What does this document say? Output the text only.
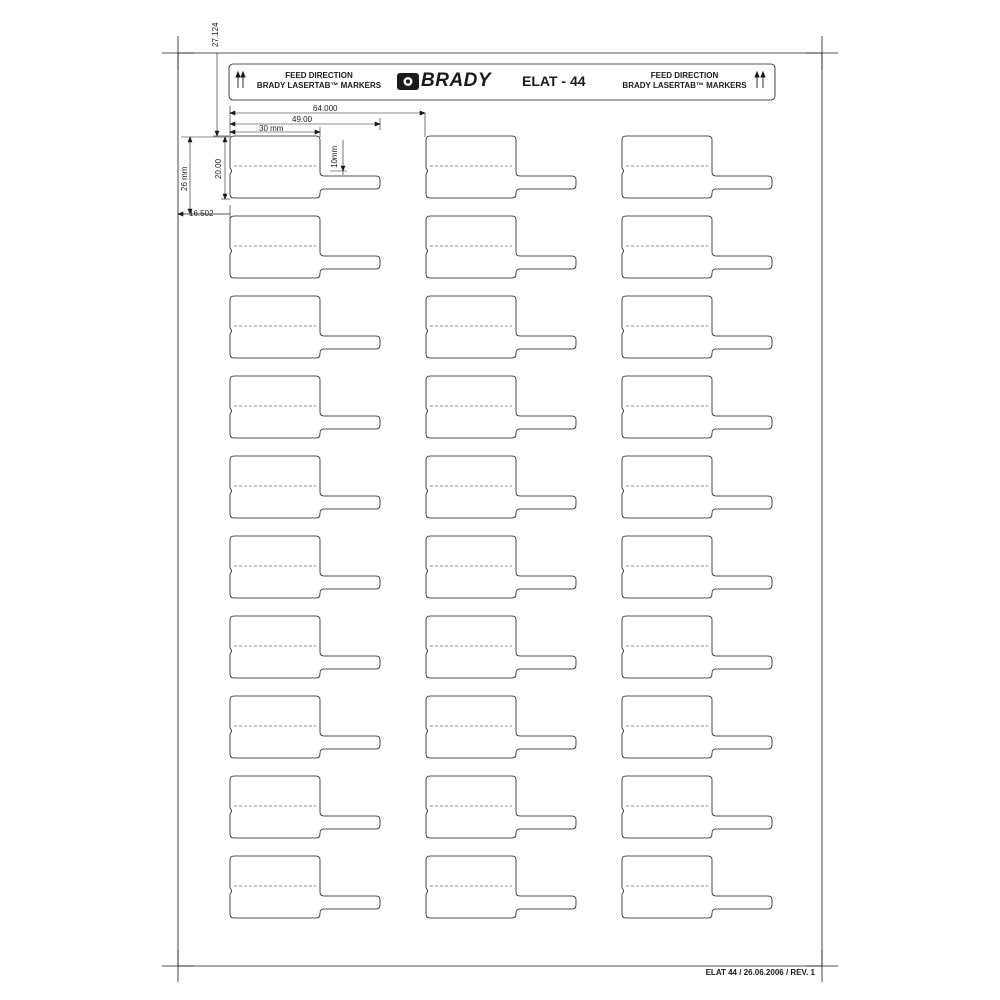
FEED DIRECTION
BRADY LASERTAB™ MARKERS BRADY ELAT - 44	FEED DIRECTION
BRADY LASERTAB™ MARKERS
27.124
64.000
49.00
30 mm
10mm
20.00
26 mm
16.502
ELAT 44 / 26.06.2006 / REV. 1
